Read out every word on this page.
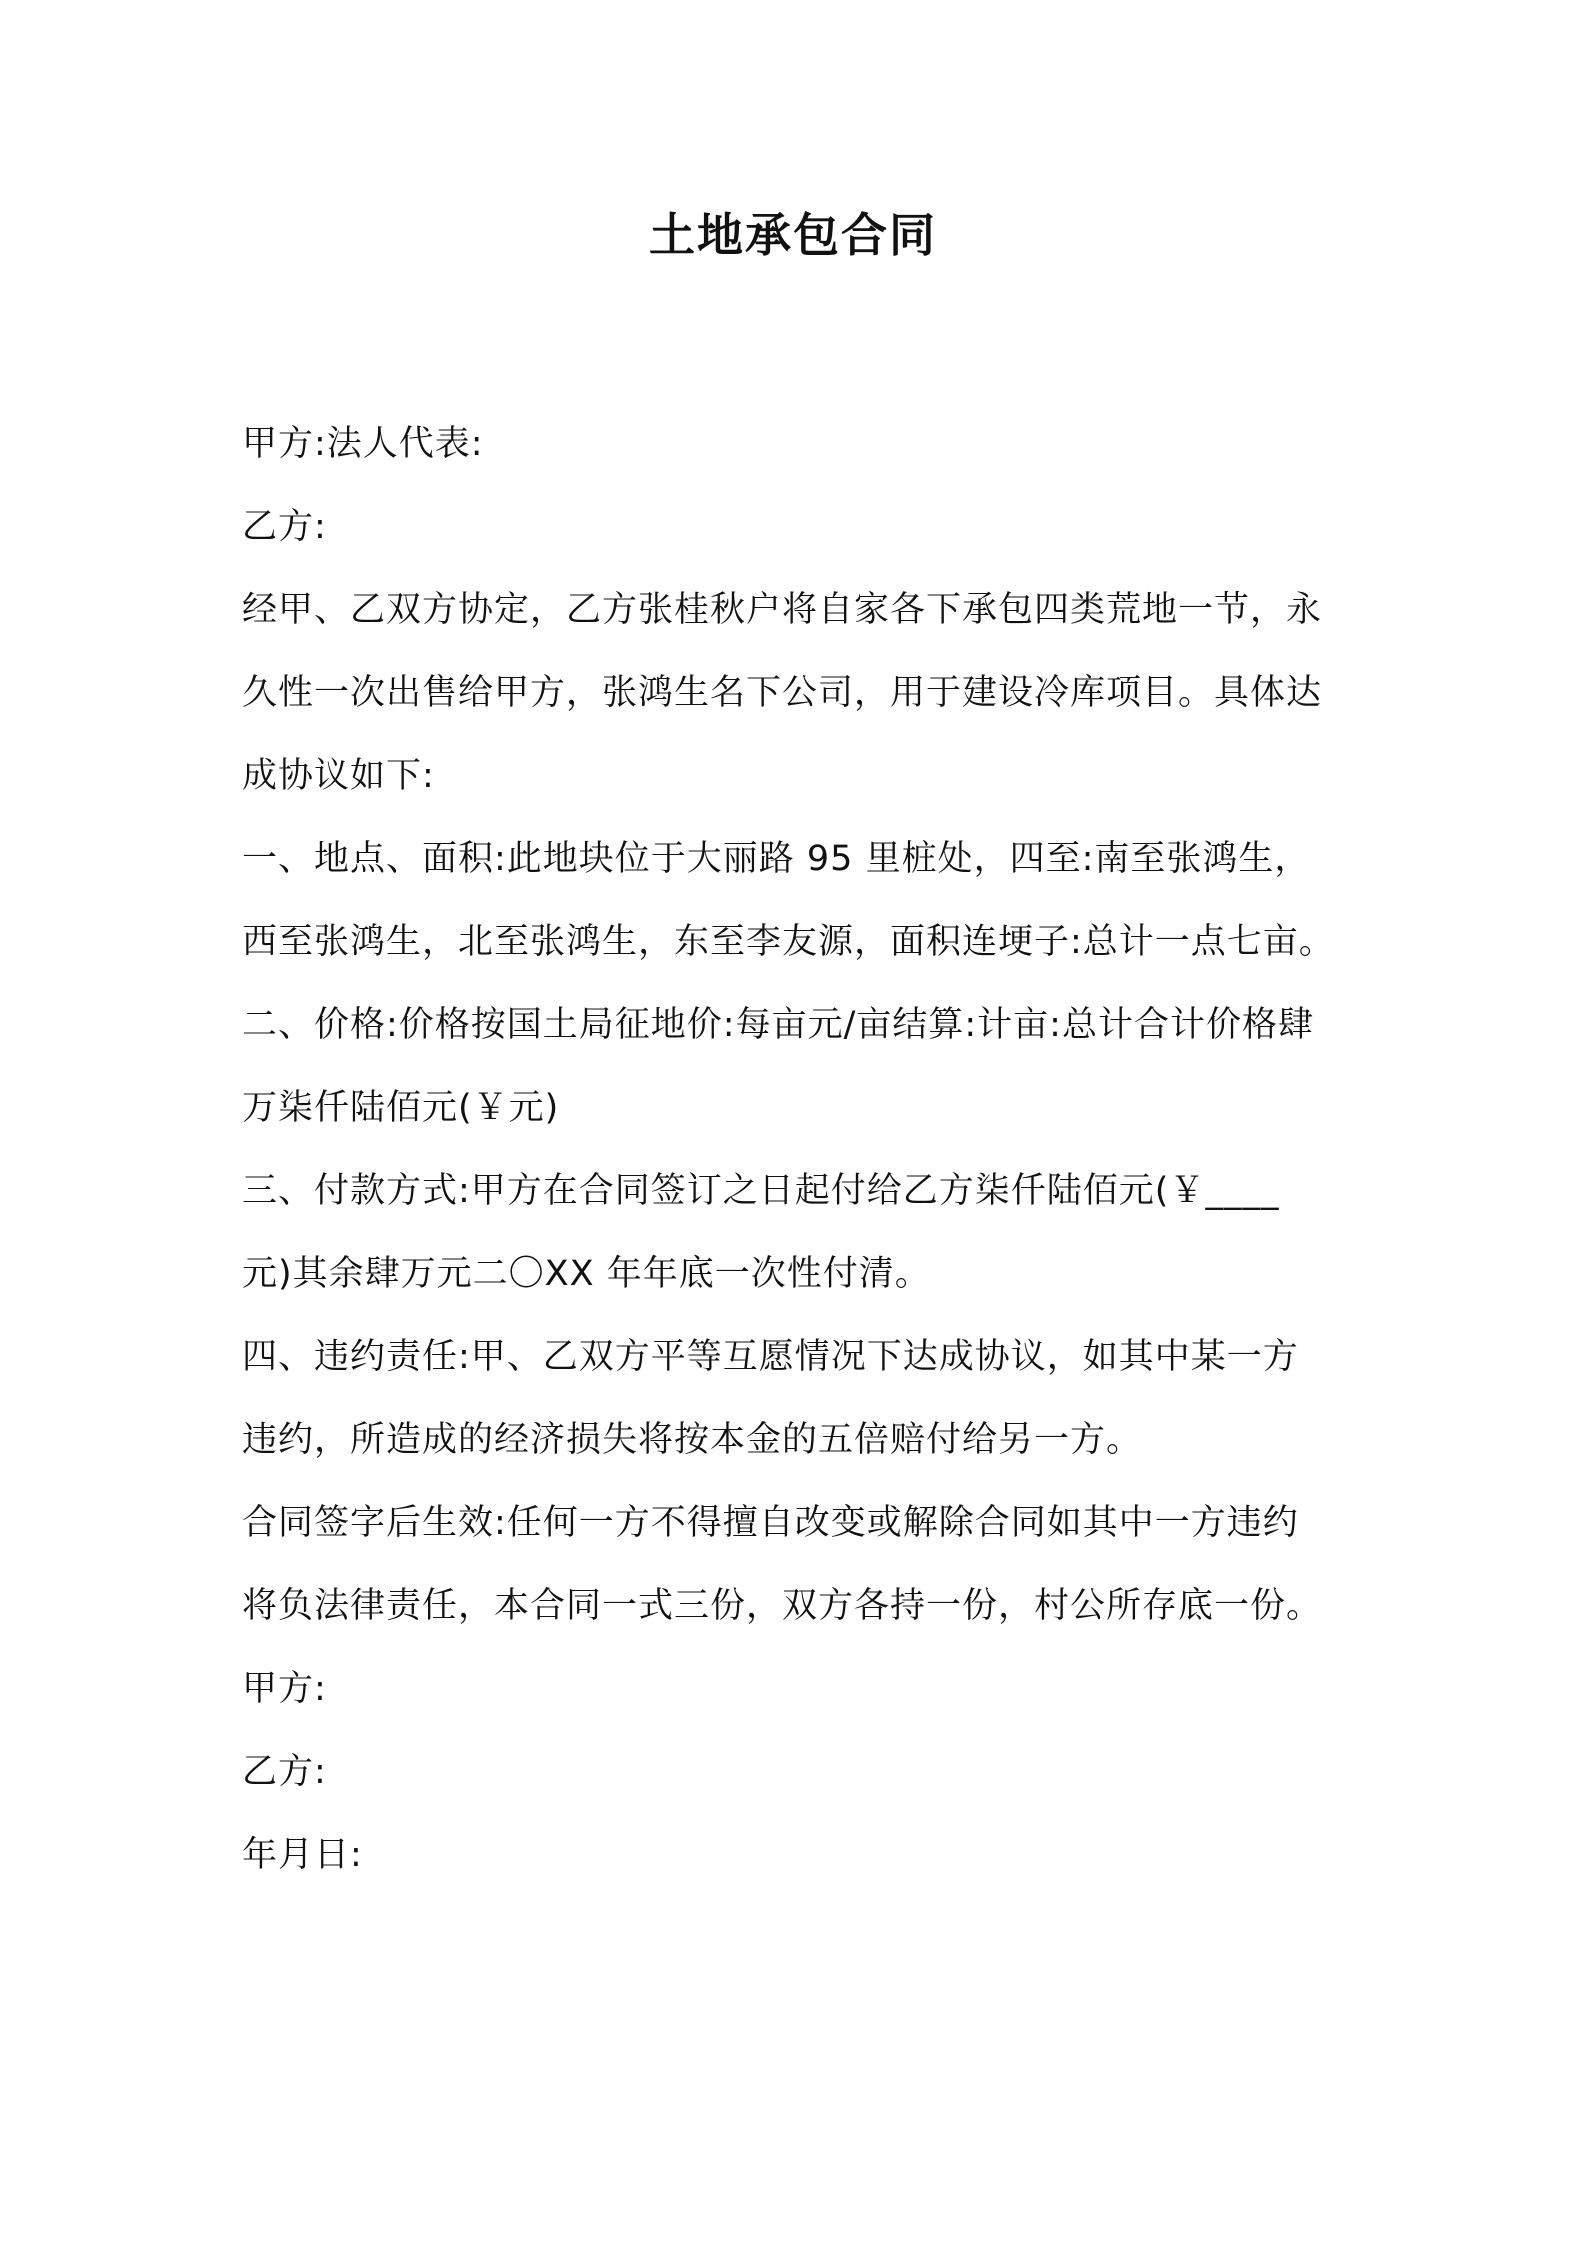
土地承包合同

甲方:法人代表:

乙方:

经甲、乙双方协定，乙方张桂秋户将自家各下承包四类荒地一节，永

久性一次出售给甲方，张鸿生名下公司，用于建设冷库项目。具体达

成协议如下:

一、地点、面积:此地块位于大丽路 95 里桩处，四至:南至张鸿生，

西至张鸿生，北至张鸿生，东至李友源，面积连埂子:总计一点七亩。

二、价格:价格按国土局征地价:每亩元/亩结算:计亩:总计合计价格肆

万柒仟陆佰元(￥元)

三、付款方式:甲方在合同签订之日起付给乙方柒仟陆佰元(￥____

元)其余肆万元二〇XX 年年底一次性付清。

四、违约责任:甲、乙双方平等互愿情况下达成协议，如其中某一方

违约，所造成的经济损失将按本金的五倍赔付给另一方。

合同签字后生效:任何一方不得擅自改变或解除合同如其中一方违约

将负法律责任，本合同一式三份，双方各持一份，村公所存底一份。

甲方:

乙方:

年月日:
